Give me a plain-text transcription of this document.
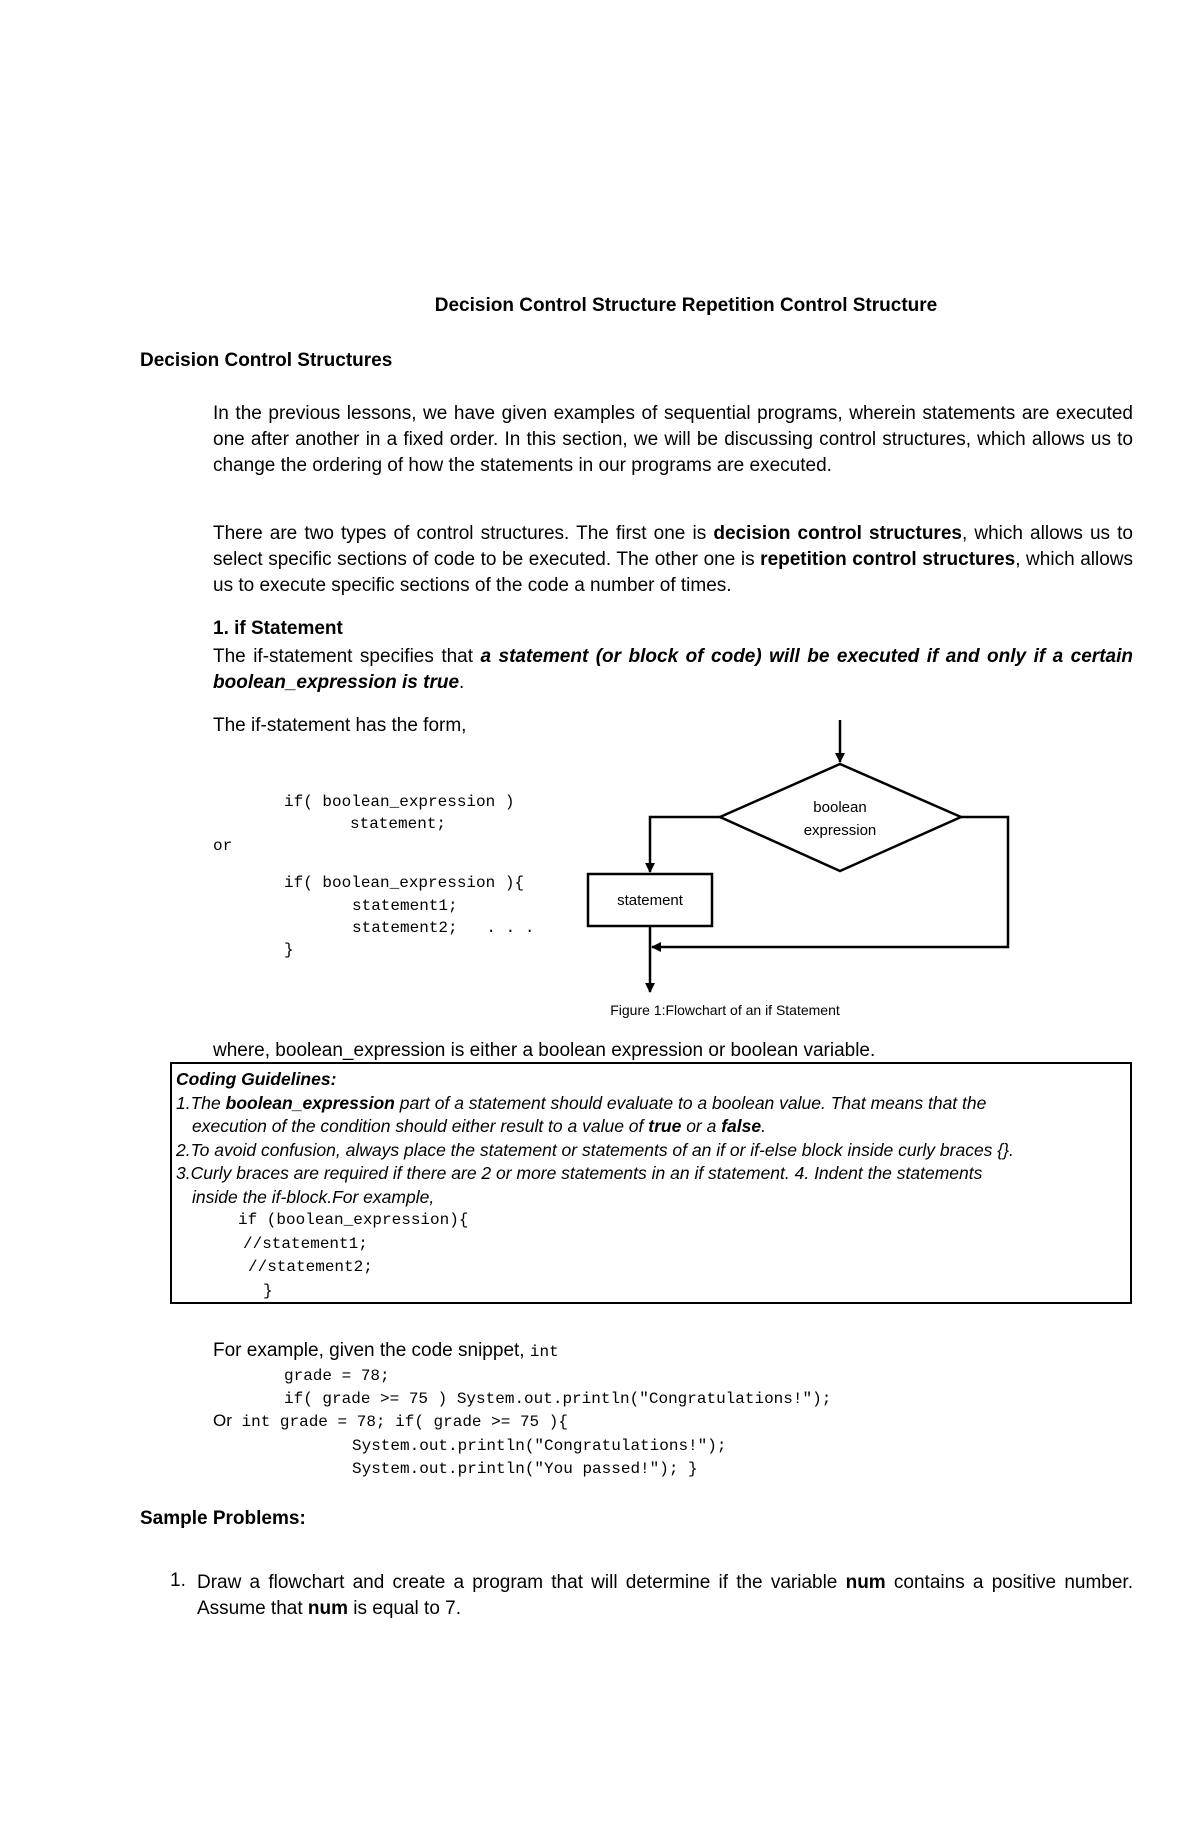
Decision Control Structure Repetition Control Structure
Decision Control Structures
In the previous lessons, we have given examples of sequential programs, wherein statements are executed one after another in a fixed order. In this section, we will be discussing control structures, which allows us to change the ordering of how the statements in our programs are executed.
There are two types of control structures. The first one is decision control structures, which allows us to select specific sections of code to be executed. The other one is repetition control structures, which allows us to execute specific sections of the code a number of times.
1. if Statement
The if-statement specifies that a statement (or block of code) will be executed if and only if a certain boolean_expression is true.
The if-statement has the form,
if( boolean_expression )
statement;
or
if( boolean_expression ){
statement1;
statement2;   . . .
}
boolean
expression
statement
Figure 1:Flowchart of an if Statement
where, boolean_expression is either a boolean expression or boolean variable.
Coding Guidelines:
1.The boolean_expression part of a statement should evaluate to a boolean value. That means that the
execution of the condition should either result to a value of true or a false.
2.To avoid confusion, always place the statement or statements of an if or if-else block inside curly braces {}.
3.Curly braces are required if there are 2 or more statements in an if statement. 4. Indent the statements
inside the if-block.For example,
if (boolean_expression){
//statement1;
//statement2;
}
For example, given the code snippet, int
grade = 78;
if( grade >= 75 ) System.out.println("Congratulations!");
Or int grade = 78; if( grade >= 75 ){
System.out.println("Congratulations!");
System.out.println("You passed!"); }
Sample Problems:
1. Draw a flowchart and create a program that will determine if the variable num contains a positive number. Assume that num is equal to 7.
